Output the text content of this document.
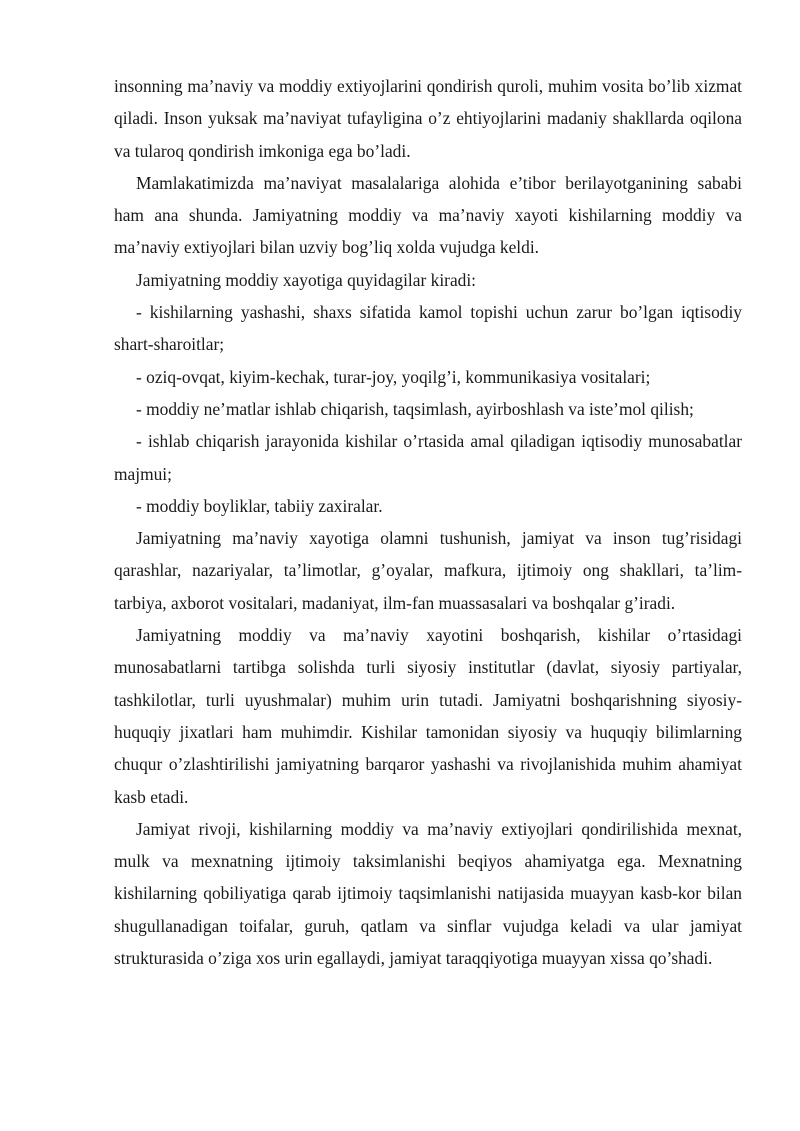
insonning ma’naviy va moddiy extiyojlarini qondirish quroli, muhim vosita bo’lib xizmat qiladi. Inson yuksak ma’naviyat tufayligina o’z ehtiyojlarini madaniy shakllarda oqilona va tularoq qondirish imkoniga ega bo’ladi.

Mamlakatimizda ma’naviyat masalalariga alohida e’tibor berilayotganining sababi ham ana shunda. Jamiyatning moddiy va ma’naviy xayoti kishilarning moddiy va ma’naviy extiyojlari bilan uzviy bog’liq xolda vujudga keldi.

Jamiyatning moddiy xayotiga quyidagilar kiradi:

- kishilarning yashashi, shaxs sifatida kamol topishi uchun zarur bo’lgan iqtisodiy shart-sharoitlar;

- oziq-ovqat, kiyim-kechak, turar-joy, yoqilg’i, kommunikasiya vositalari;

- moddiy ne’matlar ishlab chiqarish, taqsimlash, ayirboshlash va iste’mol qilish;

- ishlab chiqarish jarayonida kishilar o’rtasida amal qiladigan iqtisodiy munosabatlar majmui;

- moddiy boyliklar, tabiiy zaxiralar.

Jamiyatning ma’naviy xayotiga olamni tushunish, jamiyat va inson tug’risidagi qarashlar, nazariyalar, ta’limotlar, g’oyalar, mafkura, ijtimoiy ong shakllari, ta’lim-tarbiya, axborot vositalari, madaniyat, ilm-fan muassasalari va boshqalar g’iradi.

Jamiyatning moddiy va ma’naviy xayotini boshqarish, kishilar o’rtasidagi munosabatlarni tartibga solishda turli siyosiy institutlar (davlat, siyosiy partiyalar, tashkilotlar, turli uyushmalar) muhim urin tutadi. Jamiyatni boshqarishning siyosiy-huquqiy jixatlari ham muhimdir. Kishilar tamonidan siyosiy va huquqiy bilimlarning chuqur o’zlashtirilishi jamiyatning barqaror yashashi va rivojlanishida muhim ahamiyat kasb etadi.

Jamiyat rivoji, kishilarning moddiy va ma’naviy extiyojlari qondirilishida mexnat, mulk va mexnatning ijtimoiy taksimlanishi beqiyos ahamiyatga ega. Mexnatning kishilarning qobiliyatiga qarab ijtimoiy taqsimlanishi natijasida muayyan kasb-kor bilan shugullanadigan toifalar, guruh, qatlam va sinflar vujudga keladi va ular jamiyat strukturasida o’ziga xos urin egallaydi, jamiyat taraqqiyotiga muayyan xissa qo’shadi.
